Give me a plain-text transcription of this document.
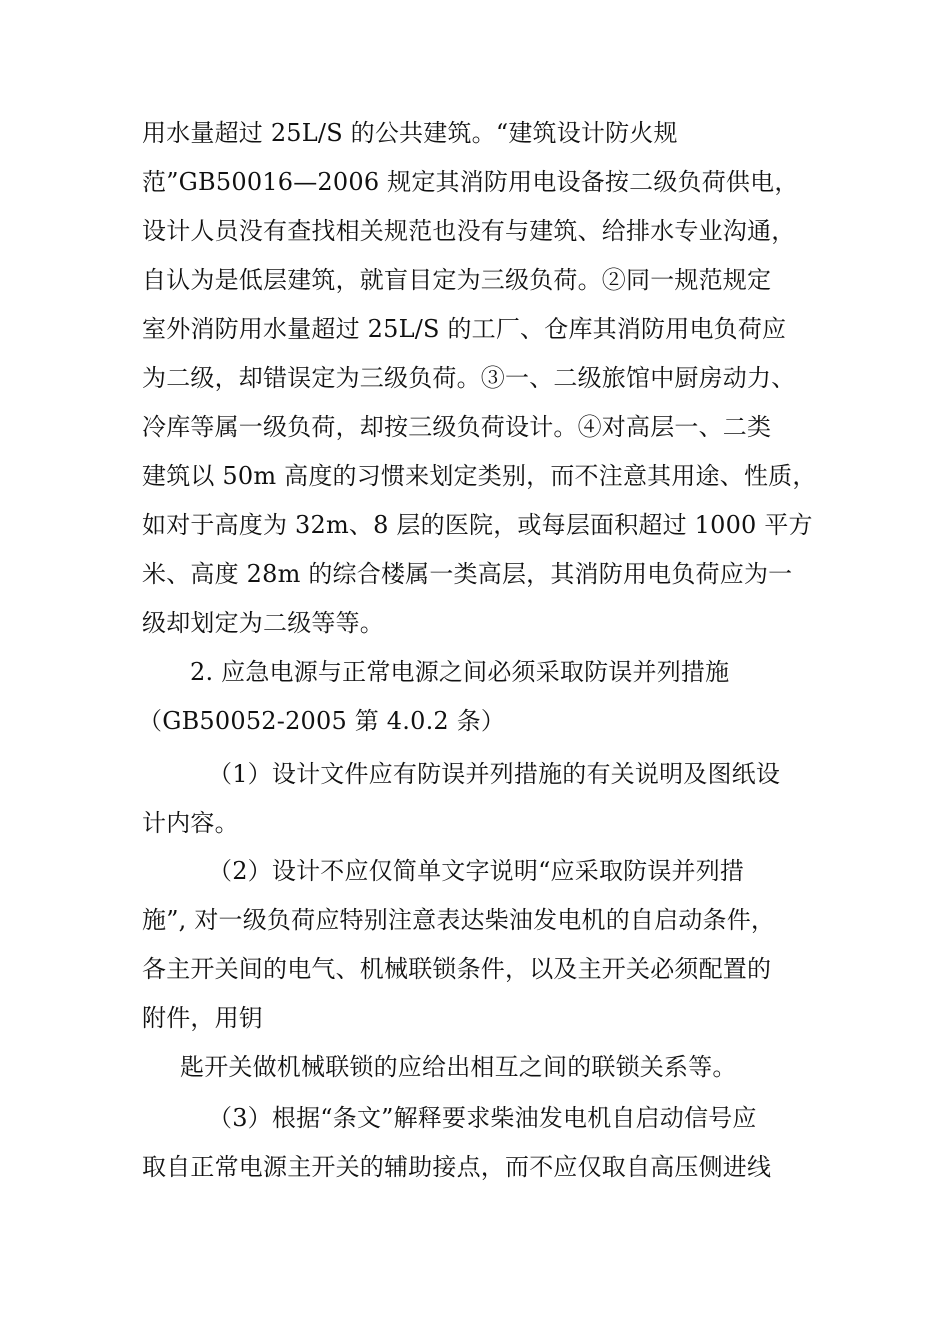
用水量超过 25L/S 的公共建筑。“建筑设计防火规
范”GB50016—2006 规定其消防用电设备按二级负荷供电，
设计人员没有查找相关规范也没有与建筑、给排水专业沟通，
自认为是低层建筑，就盲目定为三级负荷。②同一规范规定
室外消防用水量超过 25L/S 的工厂、仓库其消防用电负荷应
为二级，却错误定为三级负荷。③一、二级旅馆中厨房动力、
冷库等属一级负荷，却按三级负荷设计。④对高层一、二类
建筑以 50m 高度的习惯来划定类别，而不注意其用途、性质，
如对于高度为 32m、8 层的医院，或每层面积超过 1000 平方
米、高度 28m 的综合楼属一类高层，其消防用电负荷应为一
级却划定为二级等等。
2. 应急电源与正常电源之间必须采取防误并列措施
（GB50052-2005 第 4.0.2 条）
（1）设计文件应有防误并列措施的有关说明及图纸设
计内容。
（2）设计不应仅简单文字说明“应采取防误并列措
施”, 对一级负荷应特别注意表达柴油发电机的自启动条件，
各主开关间的电气、机械联锁条件，以及主开关必须配置的
附件，用钥
匙开关做机械联锁的应给出相互之间的联锁关系等。
（3）根据“条文”解释要求柴油发电机自启动信号应
取自正常电源主开关的辅助接点，而不应仅取自高压侧进线
